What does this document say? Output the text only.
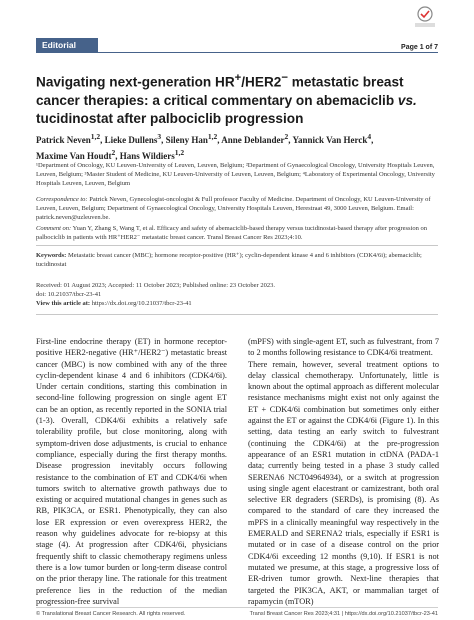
Editorial	Page 1 of 7
Navigating next-generation HR+/HER2− metastatic breast cancer therapies: a critical commentary on abemaciclib vs. tucidinostat after palbociclib progression

Patrick Neven$^{1,2}$, Lieke Dullens$^3$, Sileny Han$^{1,2}$, Anne Deblander$^2$, Yannick Van Herck$^4$,
Maxime Van Houdt$^2$, Hans Wildiers$^{1,2}$

¹Department of Oncology, KU Leuven-University of Leuven, Leuven, Belgium; ²Department of Gynaecological Oncology, University Hospitals Leuven, Leuven, Belgium; ³Master Student of Medicine, KU Leuven-University of Leuven, Leuven, Belgium; ⁴Laboratory of Experimental Oncology, University Hospitals Leuven, Leuven, Belgium

Correspondence to: Patrick Neven, Gynecologist-oncologist & Full professor Faculty of Medicine. Department of Oncology, KU Leuven-University of Leuven, Leuven, Belgium; Department of Gynaecological Oncology, University Hospitals Leuven, Herestraat 49, 3000 Leuven, Belgium. Email: patrick.neven@uzleuven.be.

Comment on: Yuan Y, Zhang S, Wang T, et al. Efficacy and safety of abemaciclib-based therapy versus tucidinostat-based therapy after progression on palbociclib in patients with HR⁺HER2⁻ metastatic breast cancer. Transl Breast Cancer Res 2023;4:10.

Keywords: Metastatic breast cancer (MBC); hormone receptor-positive (HR⁺); cyclin-dependent kinase 4 and 6 inhibitors (CDK4/6i); abemaciclib; tucidinostat

Received: 01 August 2023; Accepted: 11 October 2023; Published online: 23 October 2023.

doi: 10.21037/tbcr-23-41

View this article at: https://dx.doi.org/10.21037/tbcr-23-41

First-line endocrine therapy (ET) in hormone receptor-positive HER2-negative (HR⁺/HER2⁻) metastatic breast cancer (MBC) is now combined with any of the three cyclin-dependent kinase 4 and 6 inhibitors (CDK4/6i). Under certain conditions, starting this combination in second-line following progression on single agent ET can be an option, as recently reported in the SONIA trial (1-3). Overall, CDK4/6i exhibits a relatively safe tolerability profile, but close monitoring, along with symptom-driven dose adjustments, is crucial to enhance compliance, especially during the first therapy months. Disease progression inevitably occurs following resistance to the combination of ET and CDK4/6i when tumors switch to alternative growth pathways due to existing or acquired mutational changes in genes such as RB, PIK3CA, or ESR1. Phenotypically, they can also lose ER expression or even overexpress HER2, the reason why guidelines advocate for re-biopsy at this stage (4). At progression after CDK4/6i, physicians frequently shift to classic chemotherapy regimens unless there is a low tumor burden or long-term disease control on the prior therapy line. The rationale for this treatment preference lies in the reduction of the median progression-free survival

(mPFS) with single-agent ET, such as fulvestrant, from 7 to 2 months following resistance to CDK4/6i treatment.
There remain, however, several treatment options to delay classical chemotherapy. Unfortunately, little is known about the optimal approach as different molecular resistance mechanisms might exist not only against the ET + CDK4/6i combination but sometimes only either against the ET or against the CDK4/6i (Figure 1). In this setting, data testing an early switch to fulvestrant (continuing the CDK4/6i) at the pre-progression appearance of an ESR1 mutation in ctDNA (PADA-1 data; currently being tested in a phase 3 study called SERENA6 NCT04964934), or a switch at progression using single agent elacestrant or camizestrant, both oral selective ER degraders (SERDs), is promising (8). As compared to the standard of care they increased the mPFS in a clinically meaningful way respectively in the EMERALD and SERENA2 trials, especially if ESR1 is mutated or in case of a disease control on the prior CDK4/6i exceeding 12 months (9,10). If ESR1 is not mutated we presume, at this stage, a progressive loss of ER-driven tumor growth. Next-line therapies that targeted the PIK3CA, AKT, or mammalian target of rapamycin (mTOR)

© Translational Breast Cancer Research. All rights reserved.	Transl Breast Cancer Res 2023;4:31 | https://dx.doi.org/10.21037/tbcr-23-41
